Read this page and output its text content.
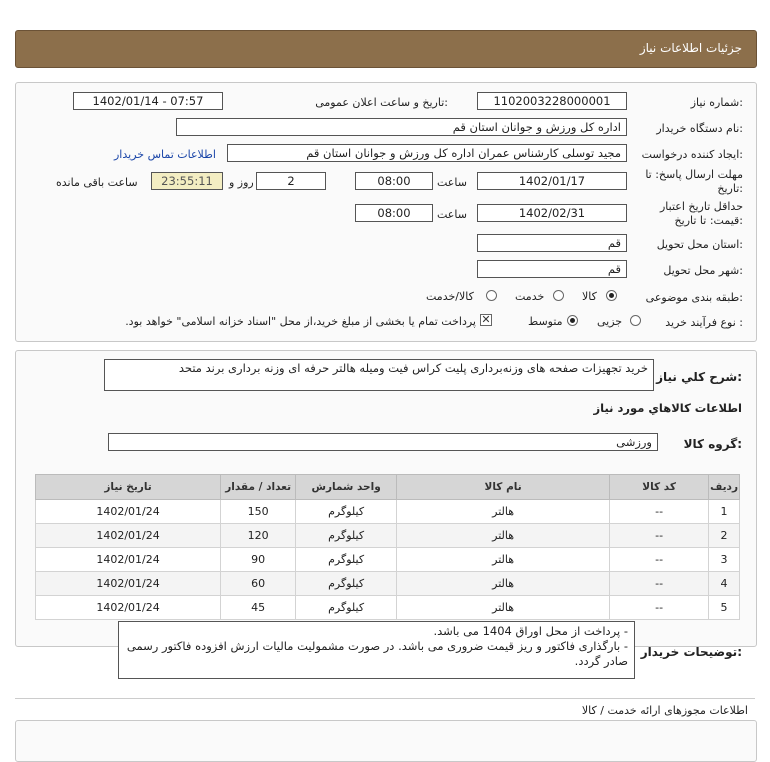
جزئیات اطلاعات نیاز
شماره نیاز:
1102003228000001
تاریخ و ساعت اعلان عمومی:
1402/01/14 - 07:57
نام دستگاه خریدار:
اداره کل ورزش و جوانان استان قم
ایجاد کننده درخواست:
مجید توسلی کارشناس عمران اداره کل ورزش و جوانان استان قم
اطلاعات تماس خریدار
مهلت ارسال پاسخ: تا
تاریخ:
1402/01/17
ساعت
08:00
2
روز و
23:55:11
ساعت باقی مانده
حداقل تاریخ اعتبار
قیمت: تا تاریخ:
1402/02/31
ساعت
08:00
استان محل تحویل:
قم
شهر محل تحویل:
قم
طبقه بندی موضوعی:
کالا
خدمت
کالا/خدمت
نوع فرآیند خرید :
جزیی
متوسط
✕
پرداخت تمام یا بخشی از مبلغ خرید،از محل "اسناد خزانه اسلامی" خواهد بود.
شرح کلي نياز:
خرید تجهیزات صفحه های وزنه‌برداری پلیت کراس فیت ومیله هالتر حرفه ای وزنه برداری برند متحد
اطلاعات کالاهاي مورد نياز
گروه کالا:
ورزشی
ردیف	کد کالا	نام کالا	واحد شمارش	تعداد / مقدار	تاریخ نیاز
1	--	هالتر	کیلوگرم	150	1402/01/24
2	--	هالتر	کیلوگرم	120	1402/01/24
3	--	هالتر	کیلوگرم	90	1402/01/24
4	--	هالتر	کیلوگرم	60	1402/01/24
5	--	هالتر	کیلوگرم	45	1402/01/24
توضیحات خریدار:
- پرداخت از محل اوراق 1404 می باشد.
- بارگذاری فاکتور و ریز قیمت ضروری می باشد. در صورت مشمولیت مالیات ارزش افزوده فاکتور رسمی
صادر گردد.
اطلاعات مجوزهای ارائه خدمت / کالا
